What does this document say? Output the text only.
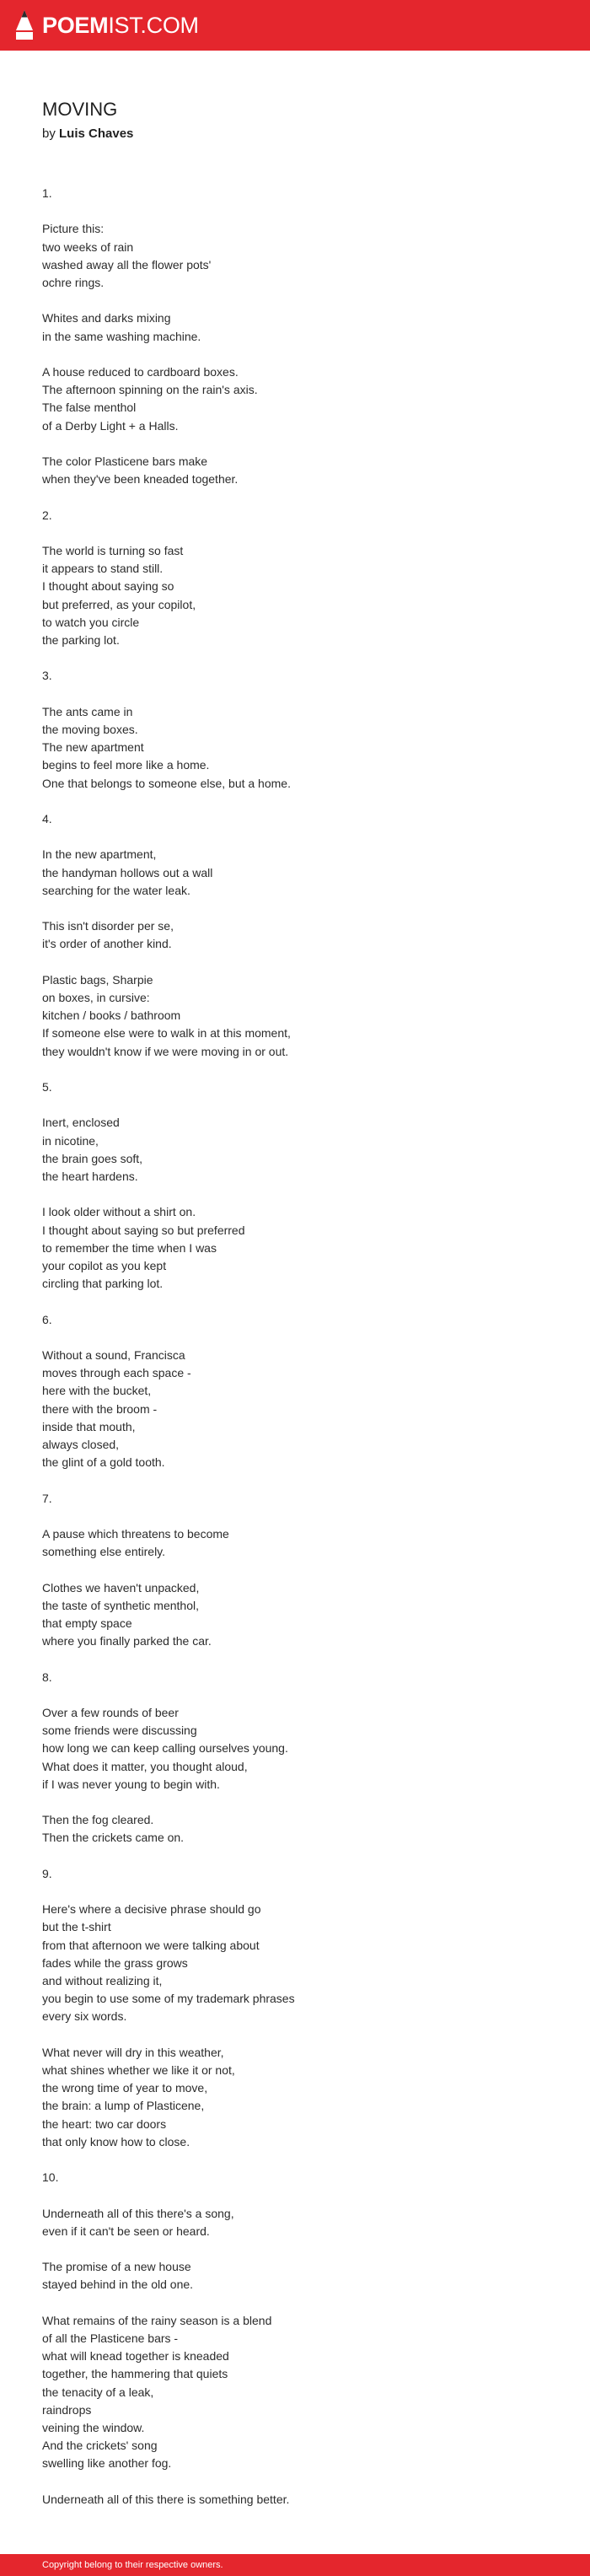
POEMIST.COM
MOVING
by Luis Chaves
1.
Picture this:
two weeks of rain
washed away all the flower pots'
ochre rings.
Whites and darks mixing
in the same washing machine.
A house reduced to cardboard boxes.
The afternoon spinning on the rain's axis.
The false menthol
of a Derby Light + a Halls.
The color Plasticene bars make
when they've been kneaded together.
2.
The world is turning so fast
it appears to stand still.
I thought about saying so
but preferred, as your copilot,
to watch you circle
the parking lot.
3.
The ants came in
the moving boxes.
The new apartment
begins to feel more like a home.
One that belongs to someone else, but a home.
4.
In the new apartment,
the handyman hollows out a wall
searching for the water leak.
This isn't disorder per se,
it's order of another kind.
Plastic bags, Sharpie
on boxes, in cursive:
kitchen / books / bathroom
If someone else were to walk in at this moment,
they wouldn't know if we were moving in or out.
5.
Inert, enclosed
in nicotine,
the brain goes soft,
the heart hardens.
I look older without a shirt on.
I thought about saying so but preferred
to remember the time when I was
your copilot as you kept
circling that parking lot.
6.
Without a sound, Francisca
moves through each space -
here with the bucket,
there with the broom -
inside that mouth,
always closed,
the glint of a gold tooth.
7.
A pause which threatens to become
something else entirely.
Clothes we haven't unpacked,
the taste of synthetic menthol,
that empty space
where you finally parked the car.
8.
Over a few rounds of beer
some friends were discussing
how long we can keep calling ourselves young.
What does it matter, you thought aloud,
if I was never young to begin with.
Then the fog cleared.
Then the crickets came on.
9.
Here's where a decisive phrase should go
but the t-shirt
from that afternoon we were talking about
fades while the grass grows
and without realizing it,
you begin to use some of my trademark phrases
every six words.
What never will dry in this weather,
what shines whether we like it or not,
the wrong time of year to move,
the brain: a lump of Plasticene,
the heart: two car doors
that only know how to close.
10.
Underneath all of this there's a song,
even if it can't be seen or heard.
The promise of a new house
stayed behind in the old one.
What remains of the rainy season is a blend
of all the Plasticene bars -
what will knead together is kneaded
together, the hammering that quiets
the tenacity of a leak,
raindrops
veining the window.
And the crickets' song
swelling like another fog.
Underneath all of this there is something better.
Copyright belong to their respective owners.
